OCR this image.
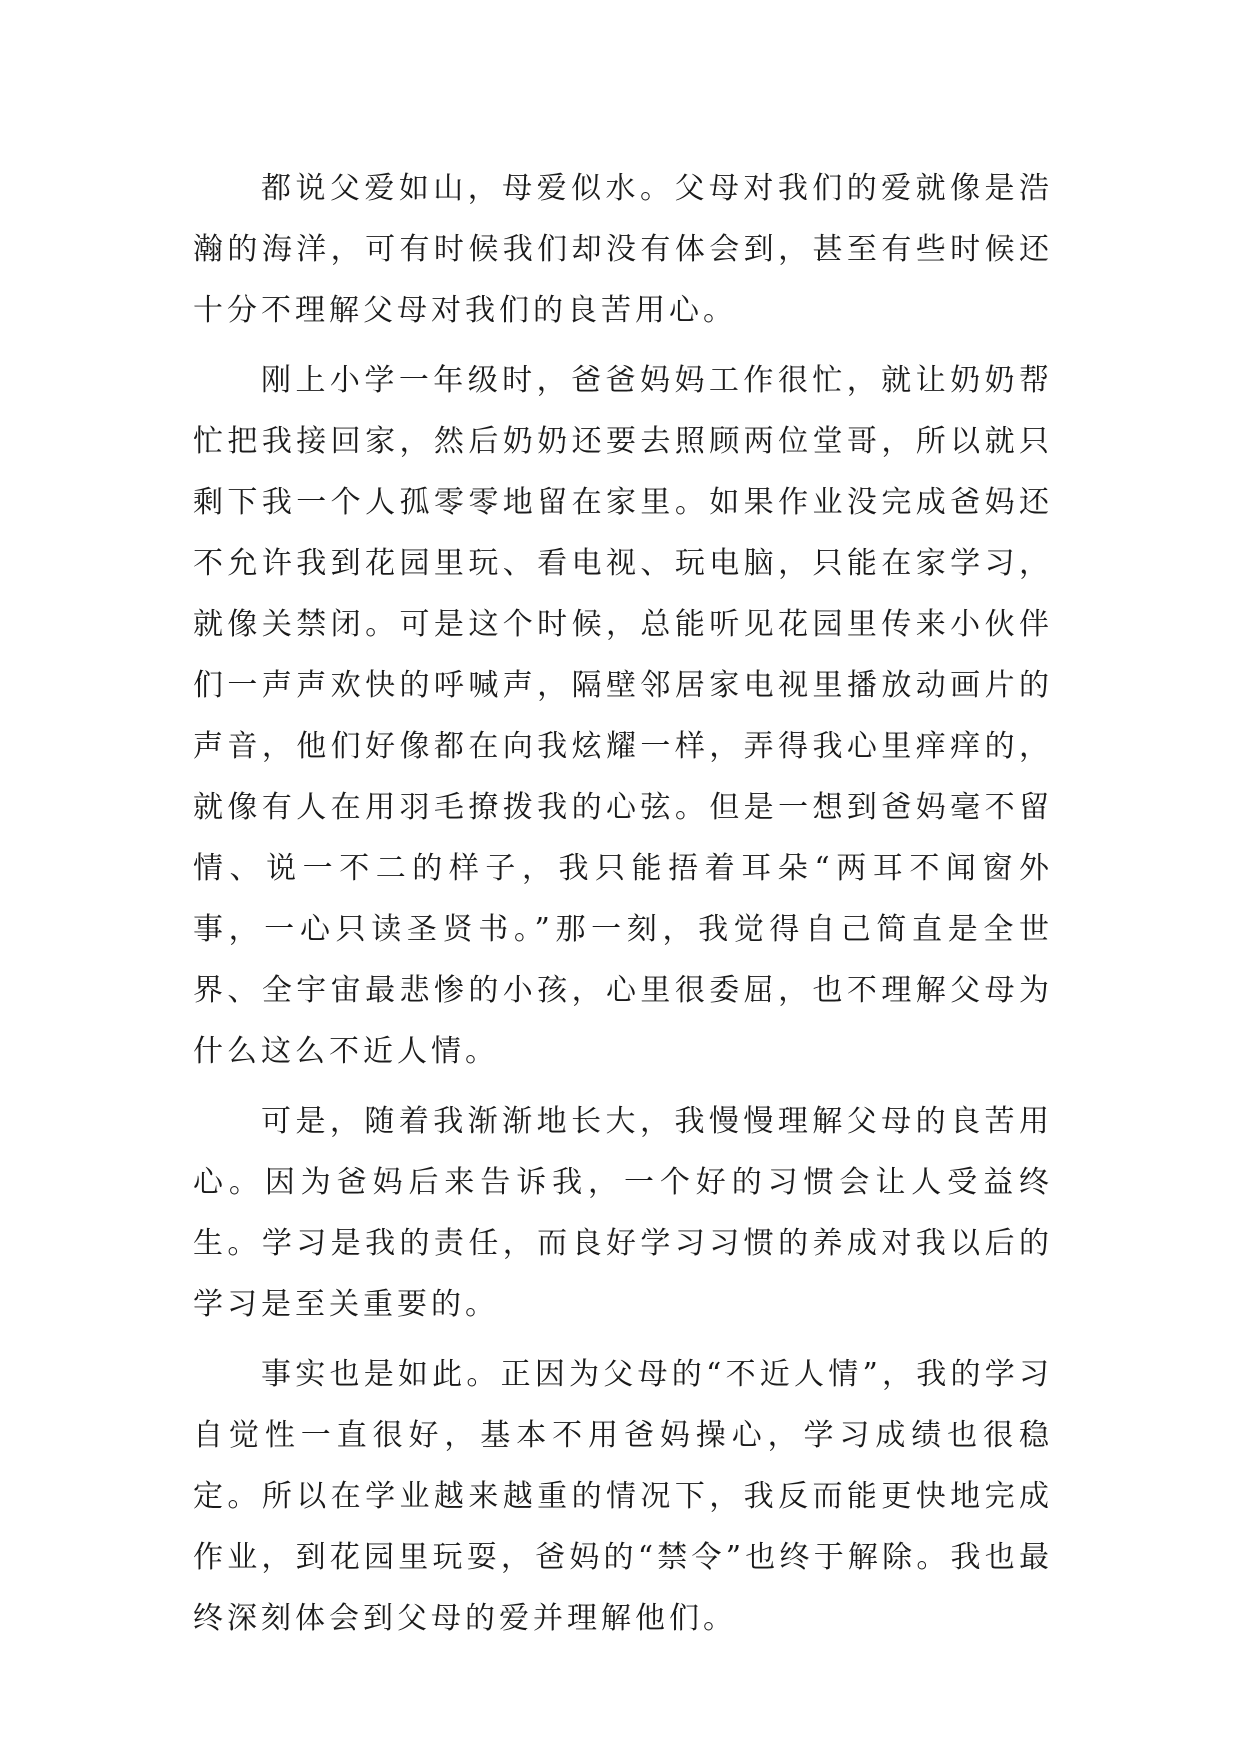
都说父爱如山，母爱似水。父母对我们的爱就像是浩瀚的海洋，可有时候我们却没有体会到，甚至有些时候还十分不理解父母对我们的良苦用心。

刚上小学一年级时，爸爸妈妈工作很忙，就让奶奶帮忙把我接回家，然后奶奶还要去照顾两位堂哥，所以就只剩下我一个人孤零零地留在家里。如果作业没完成爸妈还不允许我到花园里玩、看电视、玩电脑，只能在家学习，就像关禁闭。可是这个时候，总能听见花园里传来小伙伴们一声声欢快的呼喊声，隔壁邻居家电视里播放动画片的声音，他们好像都在向我炫耀一样，弄得我心里痒痒的，就像有人在用羽毛撩拨我的心弦。但是一想到爸妈毫不留情、说一不二的样子，我只能捂着耳朵“两耳不闻窗外事，一心只读圣贤书。”那一刻，我觉得自己简直是全世界、全宇宙最悲惨的小孩，心里很委屈，也不理解父母为什么这么不近人情。

可是，随着我渐渐地长大，我慢慢理解父母的良苦用心。因为爸妈后来告诉我，一个好的习惯会让人受益终生。学习是我的责任，而良好学习习惯的养成对我以后的学习是至关重要的。

事实也是如此。正因为父母的“不近人情”，我的学习自觉性一直很好，基本不用爸妈操心，学习成绩也很稳定。所以在学业越来越重的情况下，我反而能更快地完成作业，到花园里玩耍，爸妈的“禁令”也终于解除。我也最终深刻体会到父母的爱并理解他们。
